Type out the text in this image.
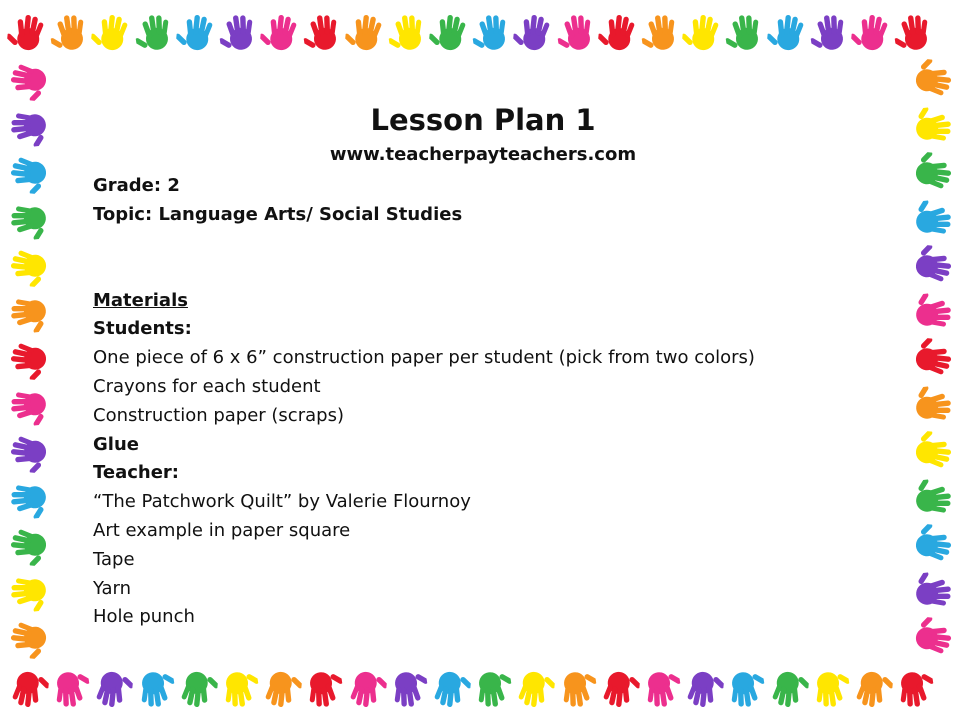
Lesson Plan 1

www.teacherpayteachers.com

Grade: 2

Topic: Language Arts/ Social Studies

Materials

Students:

One piece of 6 x 6” construction paper per student (pick from two colors)

Crayons for each student

Construction paper (scraps)

Glue

Teacher:

“The Patchwork Quilt” by Valerie Flournoy

Art example in paper square

Tape

Yarn

Hole punch
